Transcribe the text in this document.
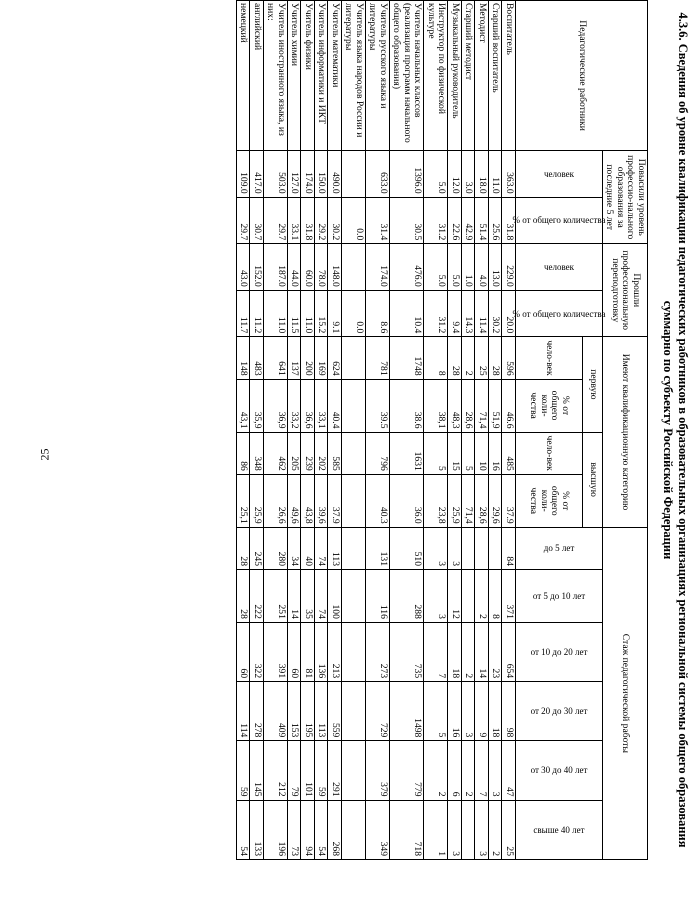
25	4.3.6. Сведения об уровне квалификации педагогических работников в образовательных организациях региональной системы общего образования суммарно по субъекту Российской Федерации
Педагогические работники	Повысили уровень профессио-нального образования за последние 5 лет		Прошли профессиональную переподготовку		Имеют квалификационную категорию				Стаж педагогической работы					

	человек	% от общего количества	человек	% от общего количества	первую		высшую		до 5 лет	от 5 до 10 лет	от 10 до 20 лет	от 20 до 30 лет	от 30 до 40 лет	свыше 40 лет

					чело-век	% от общего коли-чества	чело-век	% от общего коли-чества						
Воспитатель	363.0	31.8	229.0	20.0	596	46.6	485	37.9	84	371	654	98	47	25
Старший воспитатель	11.0	25.6	13.0	30.2	28	51,9	16	29,6		8	23	18	3	2
Методист	18.0	51.4	4.0	11.4	25	71,4	10	28,6		2	14	9	7	3
Старший методист	3.0	42.9	1.0	14.3	2	28,6	5	71,4			2	3	2	
Музыкальный руководитель	12.0	22.6	5.0	9.4	28	48,3	15	25,9	3	12	18	16	6	3
Инструктор по физической культуре	5.0	31.2	5.0	31.2	8	38,1	5	23,8	3	3	7	5	2	1
Учитель начальных классов (реализация программ начального общего образования)	1396.0	30.5	476.0	10.4	1748	38.6	1631	36.0	510	288	735	1498	779	718
Учитель русского языка и литературы	633.0	31.4	174.0	8.6	781	39.5	796	40.3	131	116	273	729	379	349
Учитель языка народов России и литературы		0.0		0.0										
Учитель математики	490.0	30.2	148.0	9.1	624	40.4	585	37.9	113	100	213	559	291	268
Учитель информатики и ИКТ	150.0	29.2	78.0	15.2	169	33,1	202	39,6	74	74	136	113	59	54
Учитель физики	174.0	31.8	60.0	11.0	200	36,6	239	43,8	40	35	81	195	101	94
Учитель химии	127.0	33.1	44.0	11.5	137	33,2	205	49,6	34	14	60	153	79	73
Учитель иностранного языка, из них:	503.0	29.7	187.0	11.0	641	36,9	462	26,6	280	251	391	409	212	196
английский	417.0	30.7	152.0	11.2	483	35,9	348	25,9	245	222	322	278	145	133
немецкий	109.0	29.7	43.0	11.7	148	43,1	86	25,1	28	28	60	114	59	54
